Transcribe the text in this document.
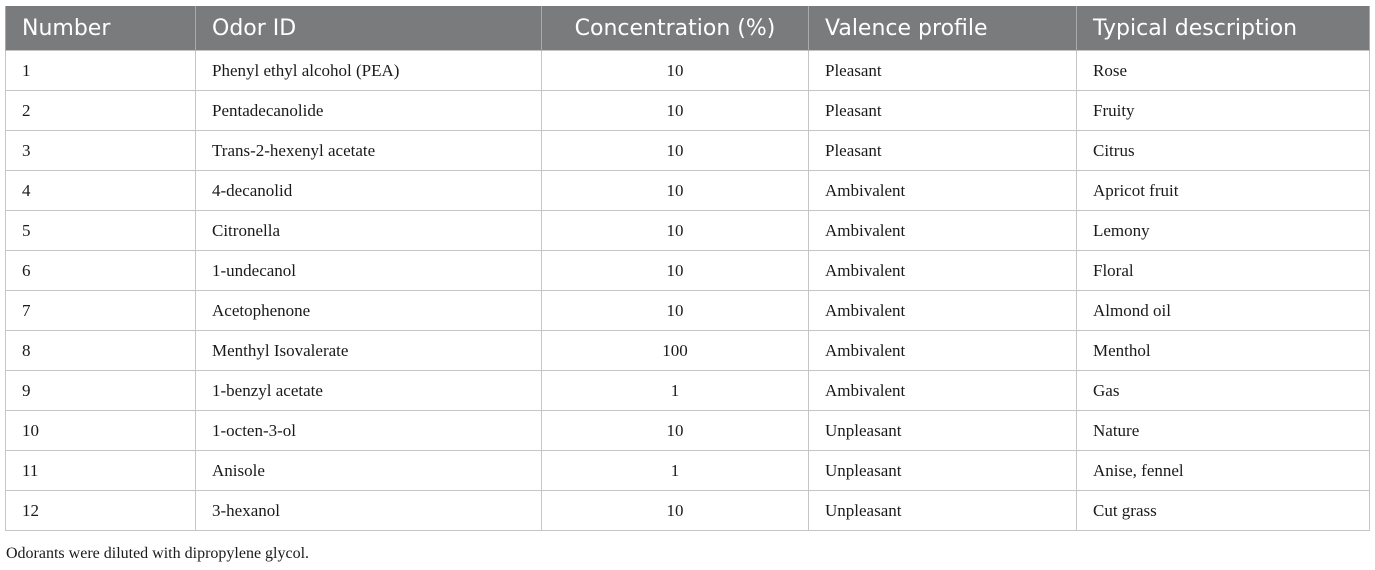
Number	Odor ID	Concentration (%)	Valence profile	Typical description
1	Phenyl ethyl alcohol (PEA)	10	Pleasant	Rose
2	Pentadecanolide	10	Pleasant	Fruity
3	Trans-2-hexenyl acetate	10	Pleasant	Citrus
4	4-decanolid	10	Ambivalent	Apricot fruit
5	Citronella	10	Ambivalent	Lemony
6	1-undecanol	10	Ambivalent	Floral
7	Acetophenone	10	Ambivalent	Almond oil
8	Menthyl Isovalerate	100	Ambivalent	Menthol
9	1-benzyl acetate	1	Ambivalent	Gas
10	1-octen-3-ol	10	Unpleasant	Nature
11	Anisole	1	Unpleasant	Anise, fennel
12	3-hexanol	10	Unpleasant	Cut grass
Odorants were diluted with dipropylene glycol.
